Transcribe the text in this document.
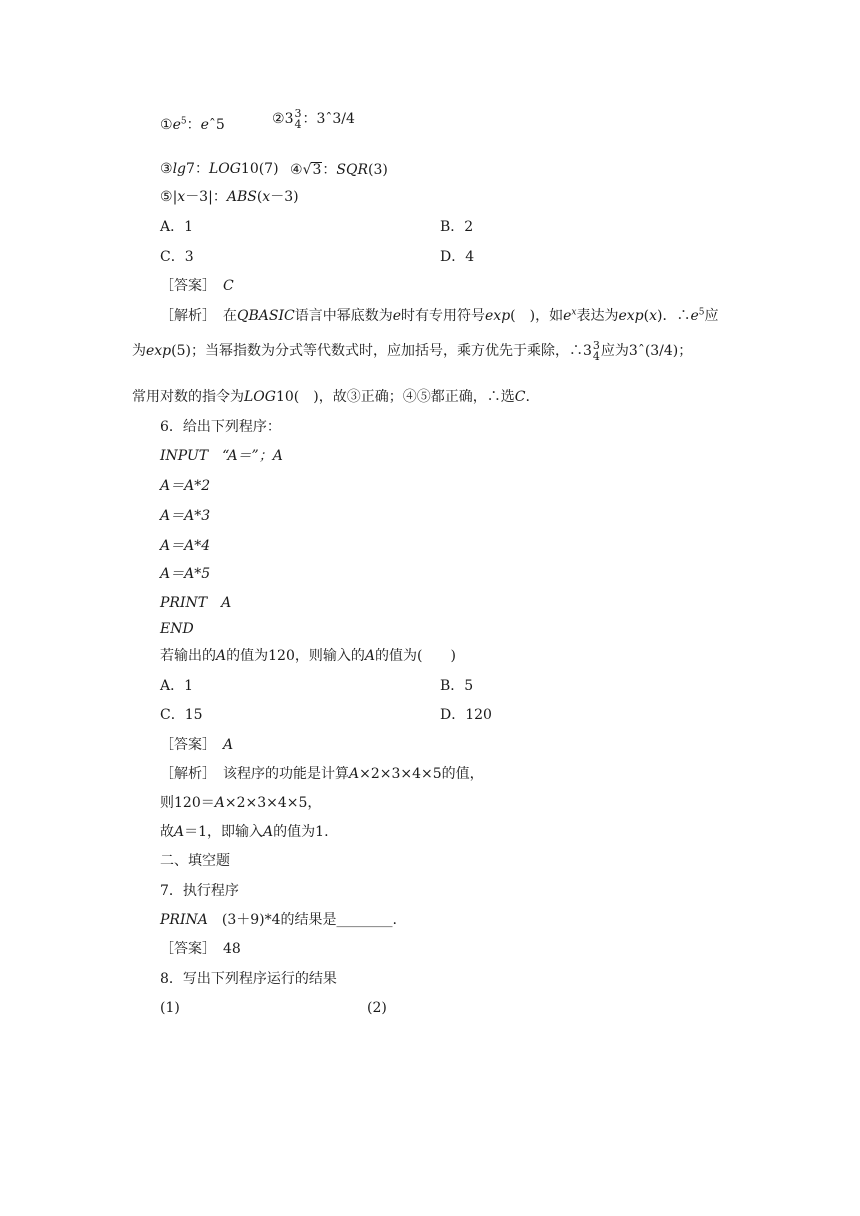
$①e^5$：eˆ5	②3 3
4 ：3ˆ3/4
③lg7：LOG10(7) ④√3：SQR(3)
⑤|x－3|：ABS(x－3)
A．1	B．2
C．3	D．4
［答案］　 C
［解析］　 在QBASIC语言中幂底数为e时有专用符号exp(　)，如$e^x$表达为exp(x)．$\therefore e^5$应
为exp(5)；当幂指数为分式等代数式时，应加括号，乘方优先于乘除，∴3 3
4 应为3ˆ(3/4)；
常用对数的指令为LOG10(　)，故③正确；④⑤都正确，∴选C.
6．给出下列程序：
INPUT　 “A＝”；A
A＝A*2
A＝A*3
A＝A*4
A＝A*5
PRINT　 A
END
若输出的A的值为120，则输入的A的值为(　　)
A．1	B．5
C．15	D．120
［答案］　 A
［解析］　 该程序的功能是计算A×2×3×4×5的值，
则120＝A×2×3×4×5，
故A＝1，即输入A的值为1.
二、填空题
7．执行程序
PRINA　 (3＋9)*4的结果是________.
［答案］　 48
8．写出下列程序运行的结果
(1)	(2)
